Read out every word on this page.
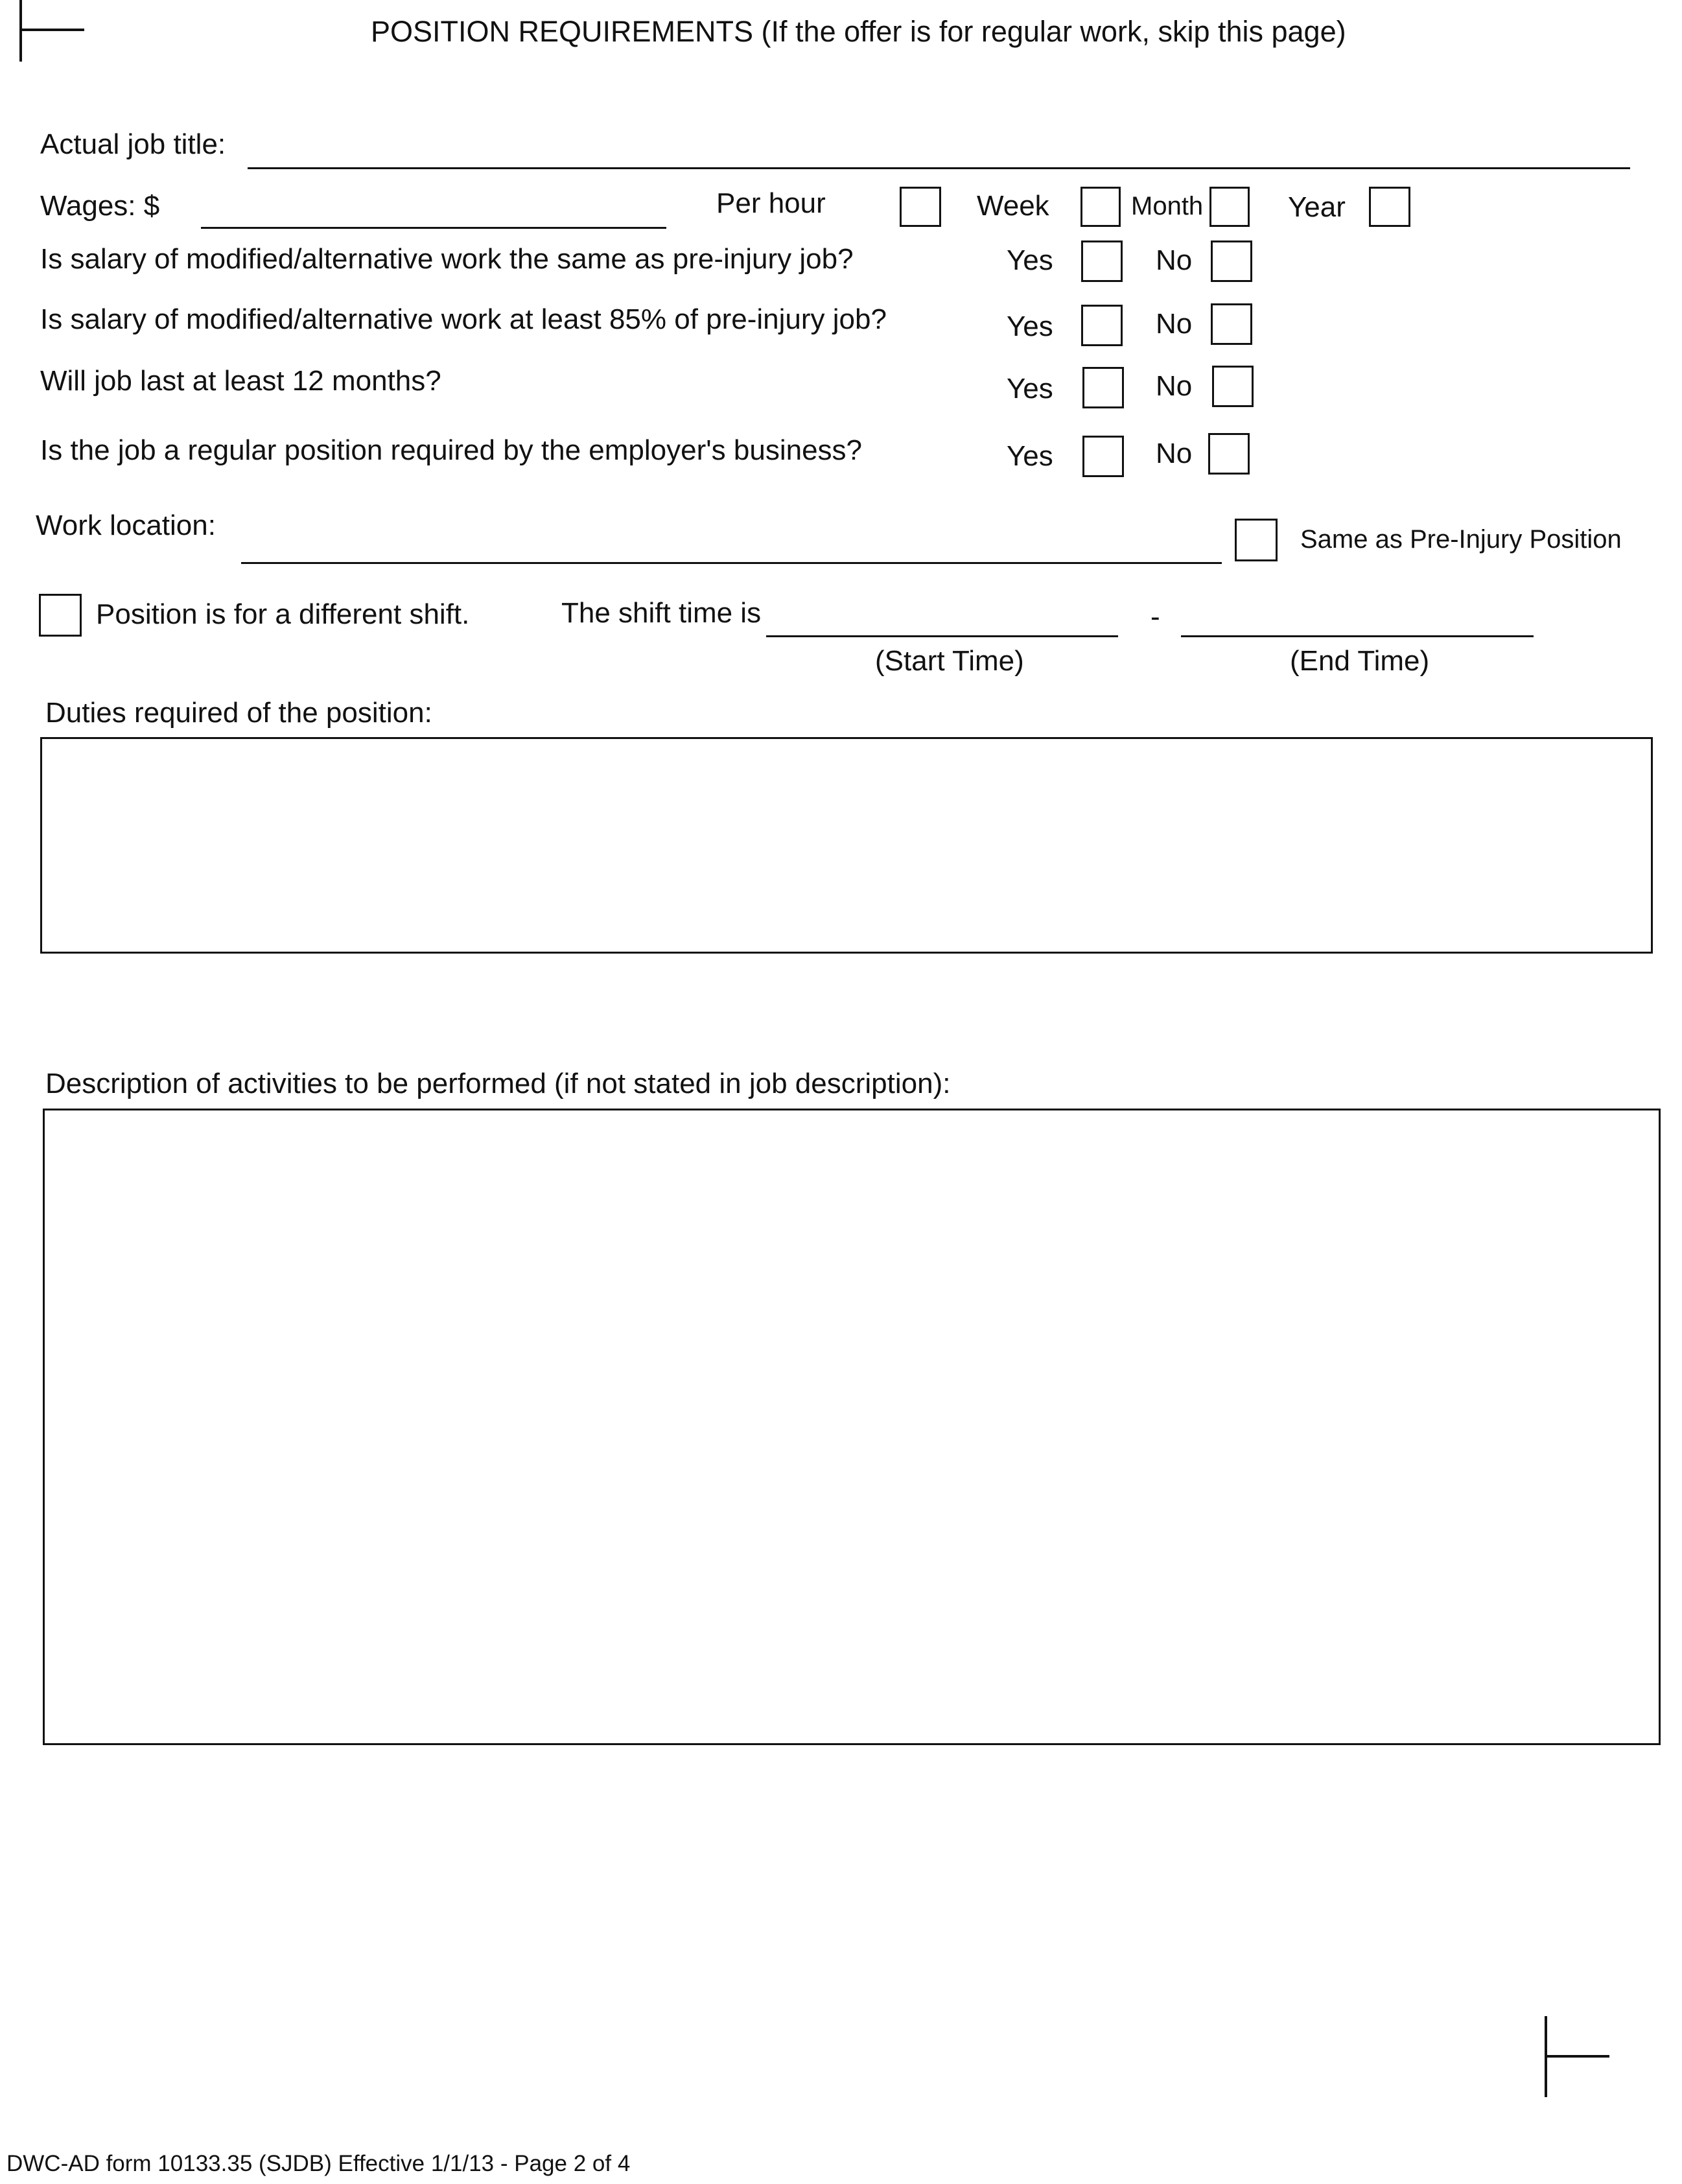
POSITION REQUIREMENTS (If the offer is for regular work, skip this page)
Actual job title:
Wages: $	Per hour	Week	Month	Year
Is salary of modified/alternative work the same as pre-injury job?	Yes	No
Is salary of modified/alternative work at least 85% of pre-injury job?	Yes	No
Will job last at least 12 months?	Yes	No
Is the job a regular position required by the employer's business?	Yes	No
Work location:	Same as Pre-Injury Position
Position is for a different shift.	The shift time is	-
(Start Time)	(End Time)
Duties required of the position:
Description of activities to be performed (if not stated in job description):
DWC-AD form 10133.35 (SJDB) Effective 1/1/13 - Page 2 of 4
